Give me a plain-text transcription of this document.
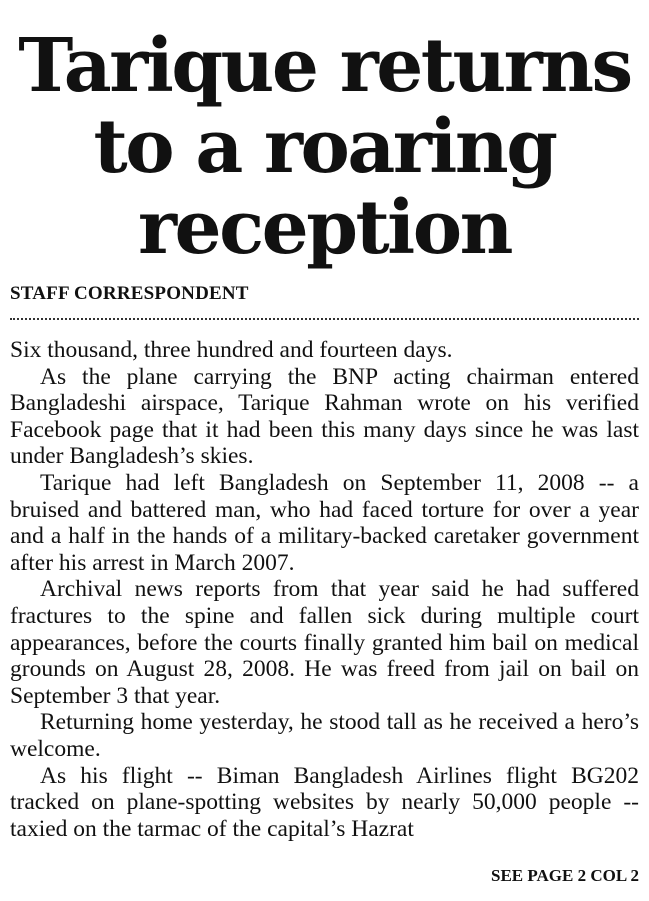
Tarique returns to a roaring reception
STAFF CORRESPONDENT

Six thousand, three hundred and fourteen days.

As the plane carrying the BNP acting chairman entered Bangladeshi airspace, Tarique Rahman wrote on his verified Facebook page that it had been this many days since he was last under Bangladesh’s skies.

Tarique had left Bangladesh on September 11, 2008 -- a bruised and battered man, who had faced torture for over a year and a half in the hands of a military-backed caretaker government after his arrest in March 2007.

Archival news reports from that year said he had suffered fractures to the spine and fallen sick during multiple court appearances, before the courts finally granted him bail on medical grounds on August 28, 2008. He was freed from jail on bail on September 3 that year.

Returning home yesterday, he stood tall as he received a hero’s welcome.

As his flight -- Biman Bangladesh Airlines flight BG202 tracked on plane-spotting websites by nearly 50,000 people -- taxied on the tarmac of the capital’s Hazrat

SEE PAGE 2 COL 2
